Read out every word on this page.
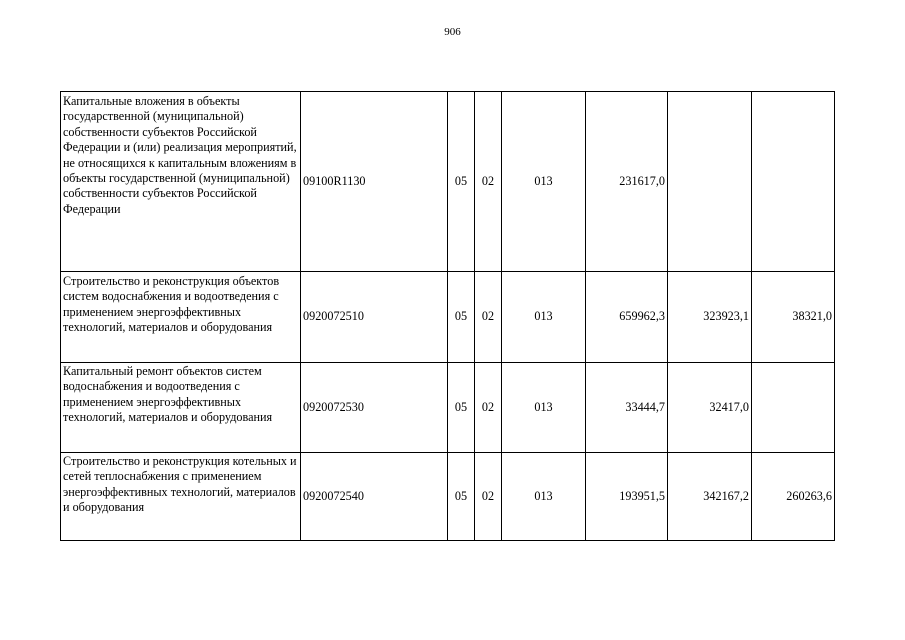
906
Капитальные вложения в объекты государственной (муниципальной) собственности субъектов Российской Федерации и (или) реализация мероприятий, не относящихся к капитальным вложениям в объекты государственной (муниципальной) собственности субъектов Российской Федерации	09100R1130	05	02	013	231617,0		
Строительство и реконструкция объектов систем водоснабжения и водоотведения с применением энергоэффективных технологий, материалов и оборудования	0920072510	05	02	013	659962,3	323923,1	38321,0
Капитальный ремонт объектов систем водоснабжения и водоотведения с применением энергоэффективных технологий, материалов и оборудования	0920072530	05	02	013	33444,7	32417,0	
Строительство и реконструкция котельных и сетей теплоснабжения с применением энергоэффективных технологий, материалов и оборудования	0920072540	05	02	013	193951,5	342167,2	260263,6
